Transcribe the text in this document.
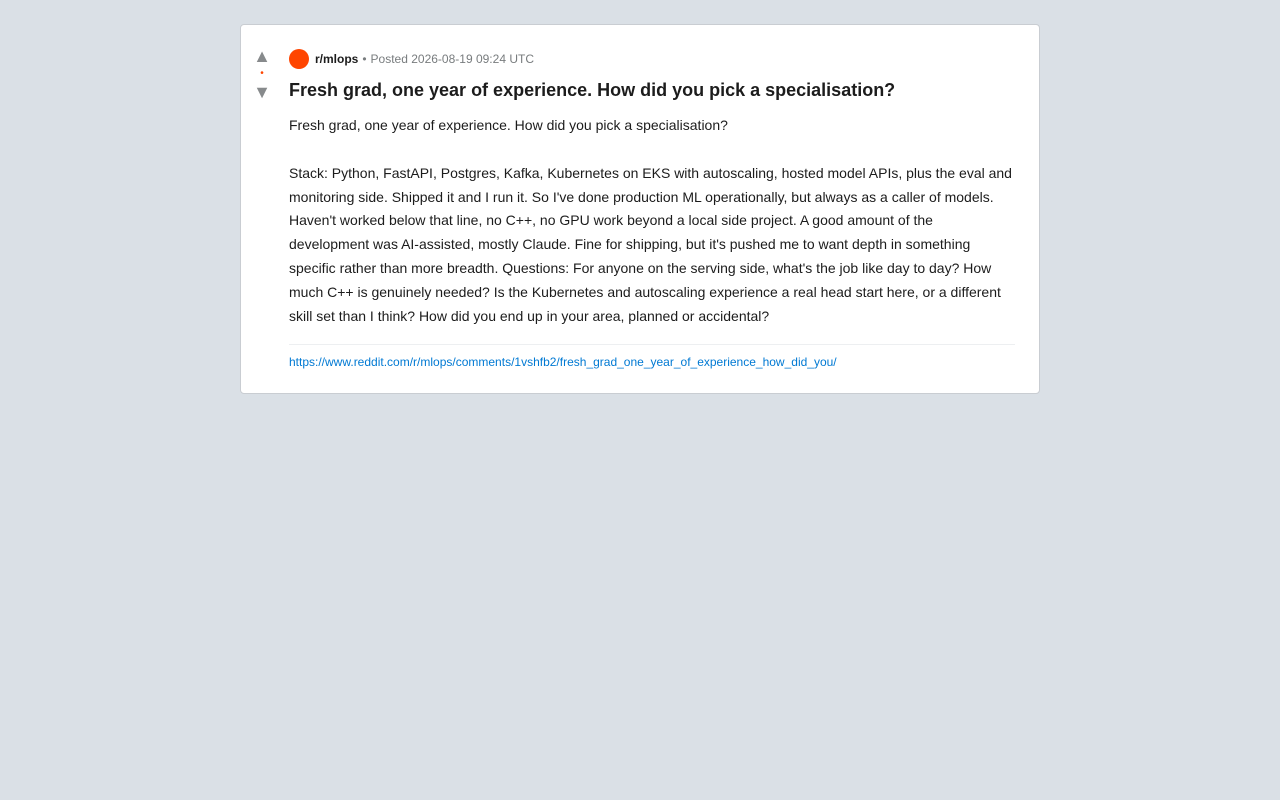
▲
•
▼
r/mlops • Posted 2026-08-19 09:24 UTC
Fresh grad, one year of experience. How did you pick a specialisation?

Fresh grad, one year of experience. How did you pick a specialisation?

Stack: Python, FastAPI, Postgres, Kafka, Kubernetes on EKS with autoscaling, hosted model APIs, plus the eval and monitoring side. Shipped it and I run it. So I've done production ML operationally, but always as a caller of models. Haven't worked below that line, no C++, no GPU work beyond a local side project. A good amount of the development was AI-assisted, mostly Claude. Fine for shipping, but it's pushed me to want depth in something specific rather than more breadth. Questions: For anyone on the serving side, what's the job like day to day? How much C++ is genuinely needed? Is the Kubernetes and autoscaling experience a real head start here, or a different skill set than I think? How did you end up in your area, planned or accidental?

https://www.reddit.com/r/mlops/comments/1vshfb2/fresh_grad_one_year_of_experience_how_did_you/
